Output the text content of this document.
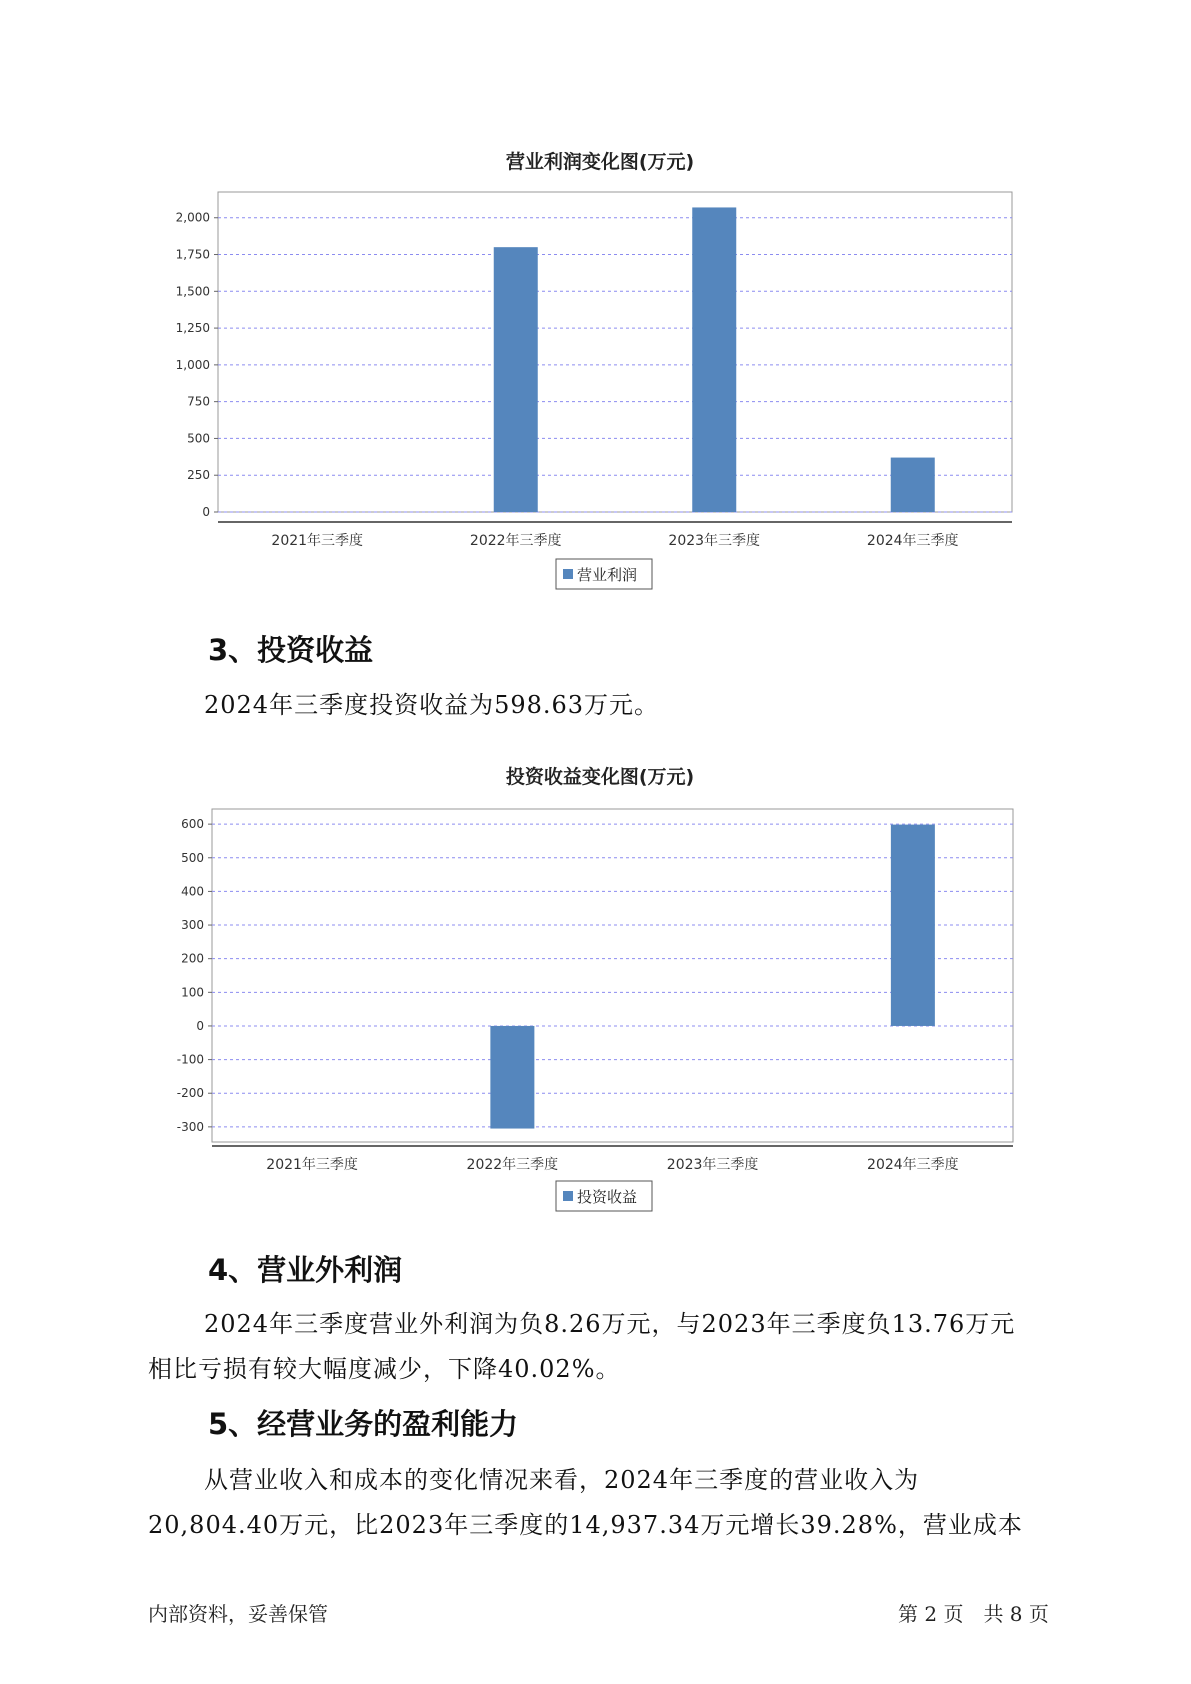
营业利润变化图(万元)
0
250
500
750
1,000
1,250
1,500
1,750
2,000
2021年三季度	2022年三季度	2023年三季度	2024年三季度
营业利润
3、投资收益

2024年三季度投资收益为598.63万元。

投资收益变化图(万元)
-300
-200
-100
0
100
200
300
400
500
600
2021年三季度	2022年三季度	2023年三季度	2024年三季度
投资收益
4、营业外利润

2024年三季度营业外利润为负8.26万元，与2023年三季度负13.76万元

相比亏损有较大幅度减少，下降40.02%。

5、经营业务的盈利能力

从营业收入和成本的变化情况来看，2024年三季度的营业收入为

20,804.40万元，比2023年三季度的14,937.34万元增长39.28%，营业成本

内部资料，妥善保管	第 2 页　共 8 页
